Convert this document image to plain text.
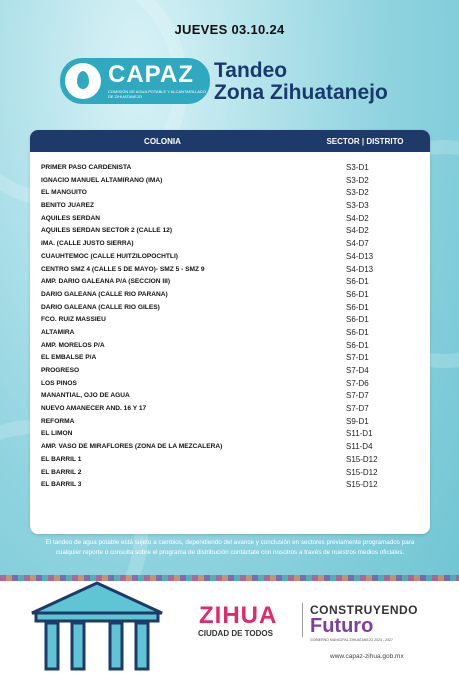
JUEVES 03.10.24
CAPAZ
COMISIÓN DE AGUA POTABLE Y ALCANTARILLADO DE ZIHUATANEJO
Tandeo
Zona Zihuatanejo
COLONIA	SECTOR | DISTRITO
PRIMER PASO CARDENISTA	S3-D1
IGNACIO MANUEL ALTAMIRANO (IMA)	S3-D2
EL MANGUITO	S3-D2
BENITO JUAREZ	S3-D3
AQUILES SERDAN	S4-D2
AQUILES SERDAN SECTOR 2 (CALLE 12)	S4-D2
IMA. (CALLE JUSTO SIERRA)	S4-D7
CUAUHTEMOC (CALLE HUITZILOPOCHTLI)	S4-D13
CENTRO SMZ 4 (CALLE 5 DE MAYO)- SMZ 5 - SMZ 9	S4-D13
AMP. DARIO GALEANA P/A (SECCION III)	S6-D1
DARIO GALEANA (CALLE RIO PARANA)	S6-D1
DARIO GALEANA (CALLE RIO GILES)	S6-D1
FCO. RUIZ MASSIEU	S6-D1
ALTAMIRA	S6-D1
AMP. MORELOS P/A	S6-D1
EL EMBALSE P/A	S7-D1
PROGRESO	S7-D4
LOS PINOS	S7-D6
MANANTIAL, OJO DE AGUA	S7-D7
NUEVO AMANECER AND. 16 Y 17	S7-D7
REFORMA	S9-D1
EL LIMON	S11-D1
AMP. VASO DE MIRAFLORES (ZONA DE LA MEZCALERA)	S11-D4
EL BARRIL 1	S15-D12
EL BARRIL 2	S15-D12
EL BARRIL 3	S15-D12
El tandeo de agua potable está sujeto a cambios, dependiendo del avance y conclusión en sectores previamente programados para cualquier reporte o consulta sobre el programa de distribución contáctate con nosotros a través de nuestros medios oficiales.
ZIHUA
CIUDAD DE TODOS
CONSTRUYENDO
Futuro
GOBIERNO MUNICIPAL ZIHUATANEJO 2024 - 2027
www.capaz-zihua.gob.mx
